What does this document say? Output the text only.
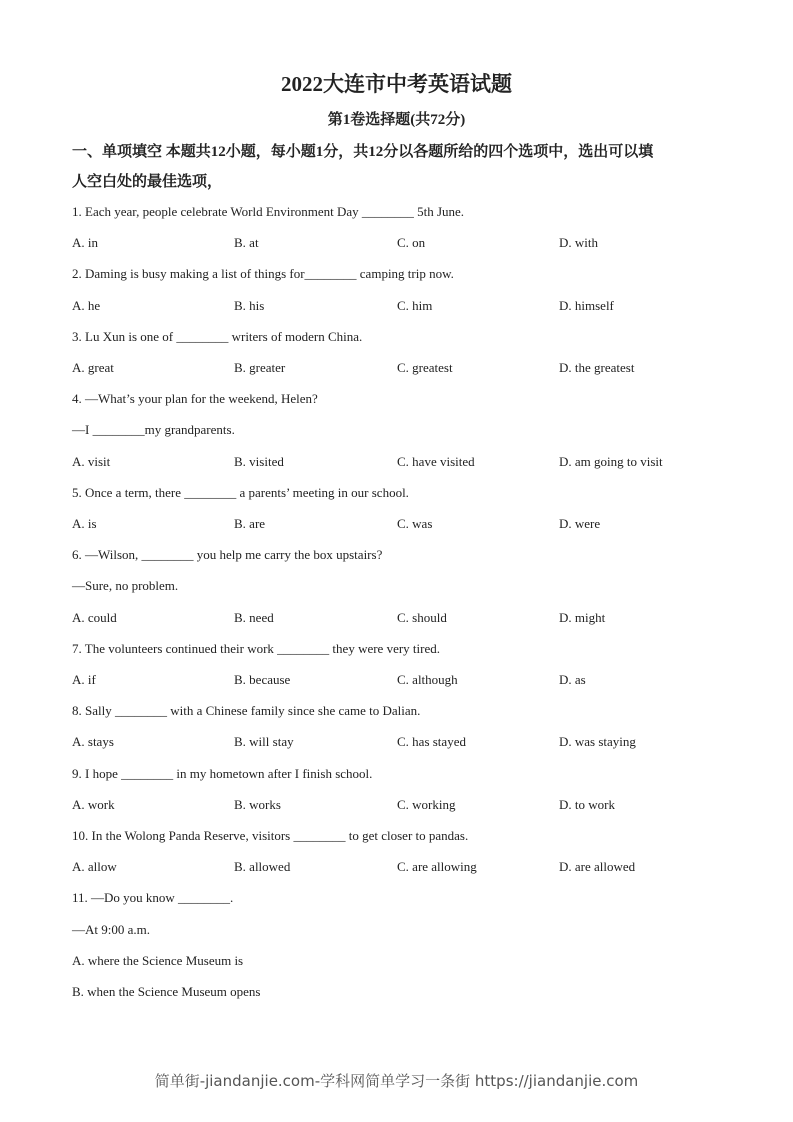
2022大连市中考英语试题
第1卷选择题(共72分)
一、单项填空 本题共12小题，每小题1分，共12分以各题所给的四个选项中，选出可以填
人空白处的最佳选项，
1. Each year, people celebrate World Environment Day ________ 5th June.
A. in	B. at	C. on	D. with
2. Daming is busy making a list of things for________ camping trip now.
A. he	B. his	C. him	D. himself
3. Lu Xun is one of ________ writers of modern China.
A. great	B. greater	C. greatest	D. the greatest
4. —What’s your plan for the weekend, Helen?
—I ________my grandparents.
A. visit	B. visited	C. have visited	D. am going to visit
5. Once a term, there ________ a parents’ meeting in our school.
A. is	B. are	C. was	D. were
6. —Wilson, ________ you help me carry the box upstairs?
—Sure, no problem.
A. could	B. need	C. should	D. might
7. The volunteers continued their work ________ they were very tired.
A. if	B. because	C. although	D. as
8. Sally ________ with a Chinese family since she came to Dalian.
A. stays	B. will stay	C. has stayed	D. was staying
9. I hope ________ in my hometown after I finish school.
A. work	B. works	C. working	D. to work
10. In the Wolong Panda Reserve, visitors ________ to get closer to pandas.
A. allow	B. allowed	C. are allowing	D. are allowed
11. —Do you know ________.
—At 9:00 a.m.
A. where the Science Museum is
B. when the Science Museum opens
简单街-jiandanjie.com-学科网简单学习一条街 https://jiandanjie.com
